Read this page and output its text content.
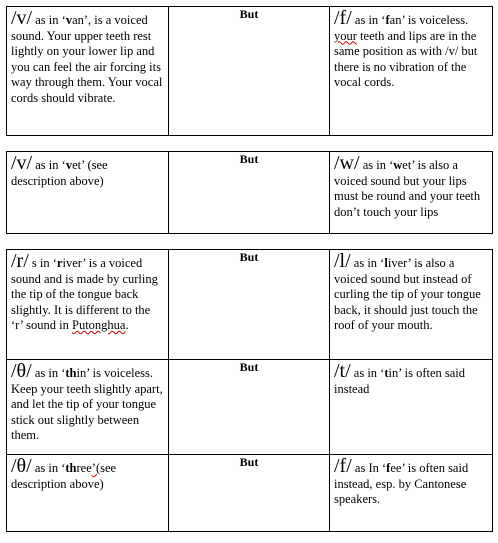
/v/ as in ‘van’, is a voiced sound. Your upper teeth rest lightly on your lower lip and you can feel the air forcing its way through them. Your vocal cords should vibrate.	But	/f/ as in ‘fan’ is voiceless. your teeth and lips are in the same position as with /v/ but there is no vibration of the vocal cords.
/v/ as in ‘vet’ (see description above)	But	/w/ as in ‘wet’ is also a voiced sound but your lips must be round and your teeth don’t touch your lips
/r/ s in ‘river’ is a voiced sound and is made by curling the tip of the tongue back slightly. It is different to the ‘r’ sound in Putonghua.	But	/l/ as in ‘liver’ is also a voiced sound but instead of curling the tip of your tongue back, it should just touch the roof of your mouth.
/θ/ as in ‘thin’ is voiceless. Keep your teeth slightly apart, and let the tip of your tongue stick out slightly between them.	But	/t/ as in ‘tin’ is often said instead
/θ/ as in ‘three’(see description above)	But	/f/ as In ‘fee’ is often said instead, esp. by Cantonese speakers.
